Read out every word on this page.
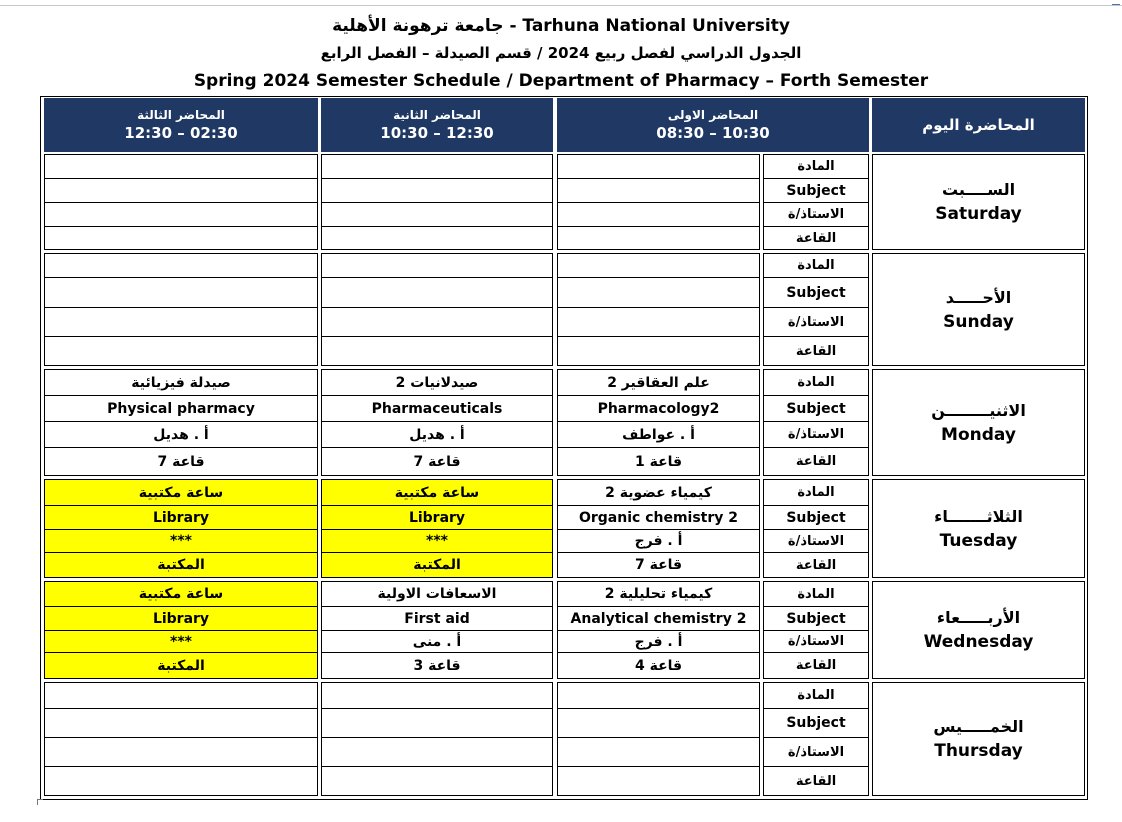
جامعة ترهونة الأهلية - Tarhuna National University
الجدول الدراسي لفصل ربيع 2024 / قسم الصيدلة – الفصل الرابع
Spring 2024 Semester Schedule / Department of Pharmacy – Forth Semester
المحاضر الثالثة
12:30 – 02:30
المحاضر الثانية
10:30 – 12:30
المحاضر الاولى
08:30 – 10:30	المحاضرة اليوم
المادة
Subject
الاستاذ/ة
القاعة
الســــبت
Saturday
المادة
Subject
الاستاذ/ة
القاعة
الأحـــــد
Sunday
صيدلة فيزيائية
Physical pharmacy
أ . هديل
قاعة 7
صيدلانيات 2
Pharmaceuticals
أ . هديل
قاعة 7
علم العقاقير 2
Pharmacology2
أ . عواطف
قاعة 1
المادة
Subject
الاستاذ/ة
القاعة
الاثنيــــــــن
Monday
ساعة مكتبية
Library
***
المكتبة
ساعة مكتبية
Library
***
المكتبة
كيمياء عضوية 2
Organic chemistry 2
أ . فرج
قاعة 7
المادة
Subject
الاستاذ/ة
القاعة
الثلاثـــــــاء
Tuesday
ساعة مكتبية
Library
***
المكتبة
الاسعافات الاولية
First aid
أ . منى
قاعة 3
كيمياء تحليلية 2
Analytical chemistry 2
أ . فرج
قاعة 4
المادة
Subject
الاستاذ/ة
القاعة
الأربـــــعاء
Wednesday
المادة
Subject
الاستاذ/ة
القاعة
الخمـــــيس
Thursday
